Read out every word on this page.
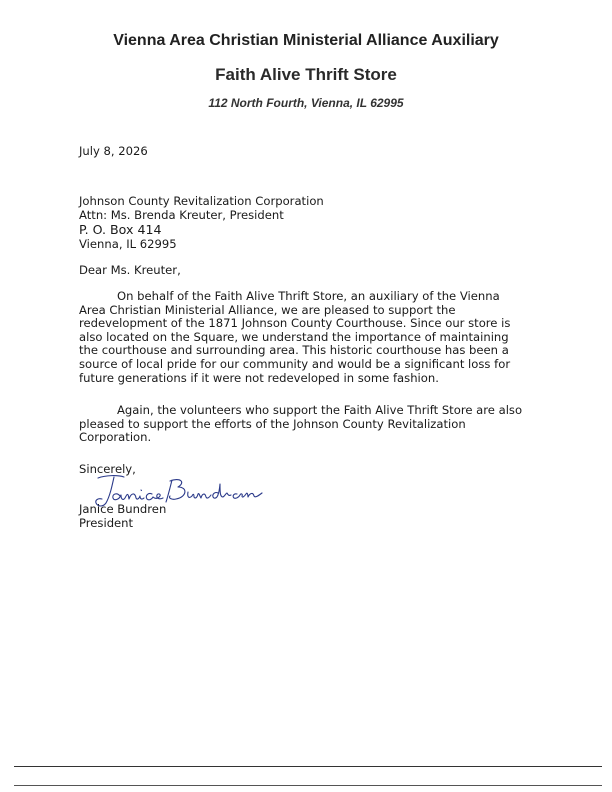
Vienna Area Christian Ministerial Alliance Auxiliary
Faith Alive Thrift Store
112 North Fourth, Vienna, IL 62995
July 8, 2026
Johnson County Revitalization Corporation
Attn: Ms. Brenda Kreuter, President
P. O. Box 414
Vienna, IL 62995
Dear Ms. Kreuter,
On behalf of the Faith Alive Thrift Store, an auxiliary of the Vienna
Area Christian Ministerial Alliance, we are pleased to support the
redevelopment of the 1871 Johnson County Courthouse. Since our store is
also located on the Square, we understand the importance of maintaining
the courthouse and surrounding area. This historic courthouse has been a
source of local pride for our community and would be a significant loss for
future generations if it were not redeveloped in some fashion.
Again, the volunteers who support the Faith Alive Thrift Store are also
pleased to support the efforts of the Johnson County Revitalization
Corporation.
Sincerely,
Janice Bundren
President
